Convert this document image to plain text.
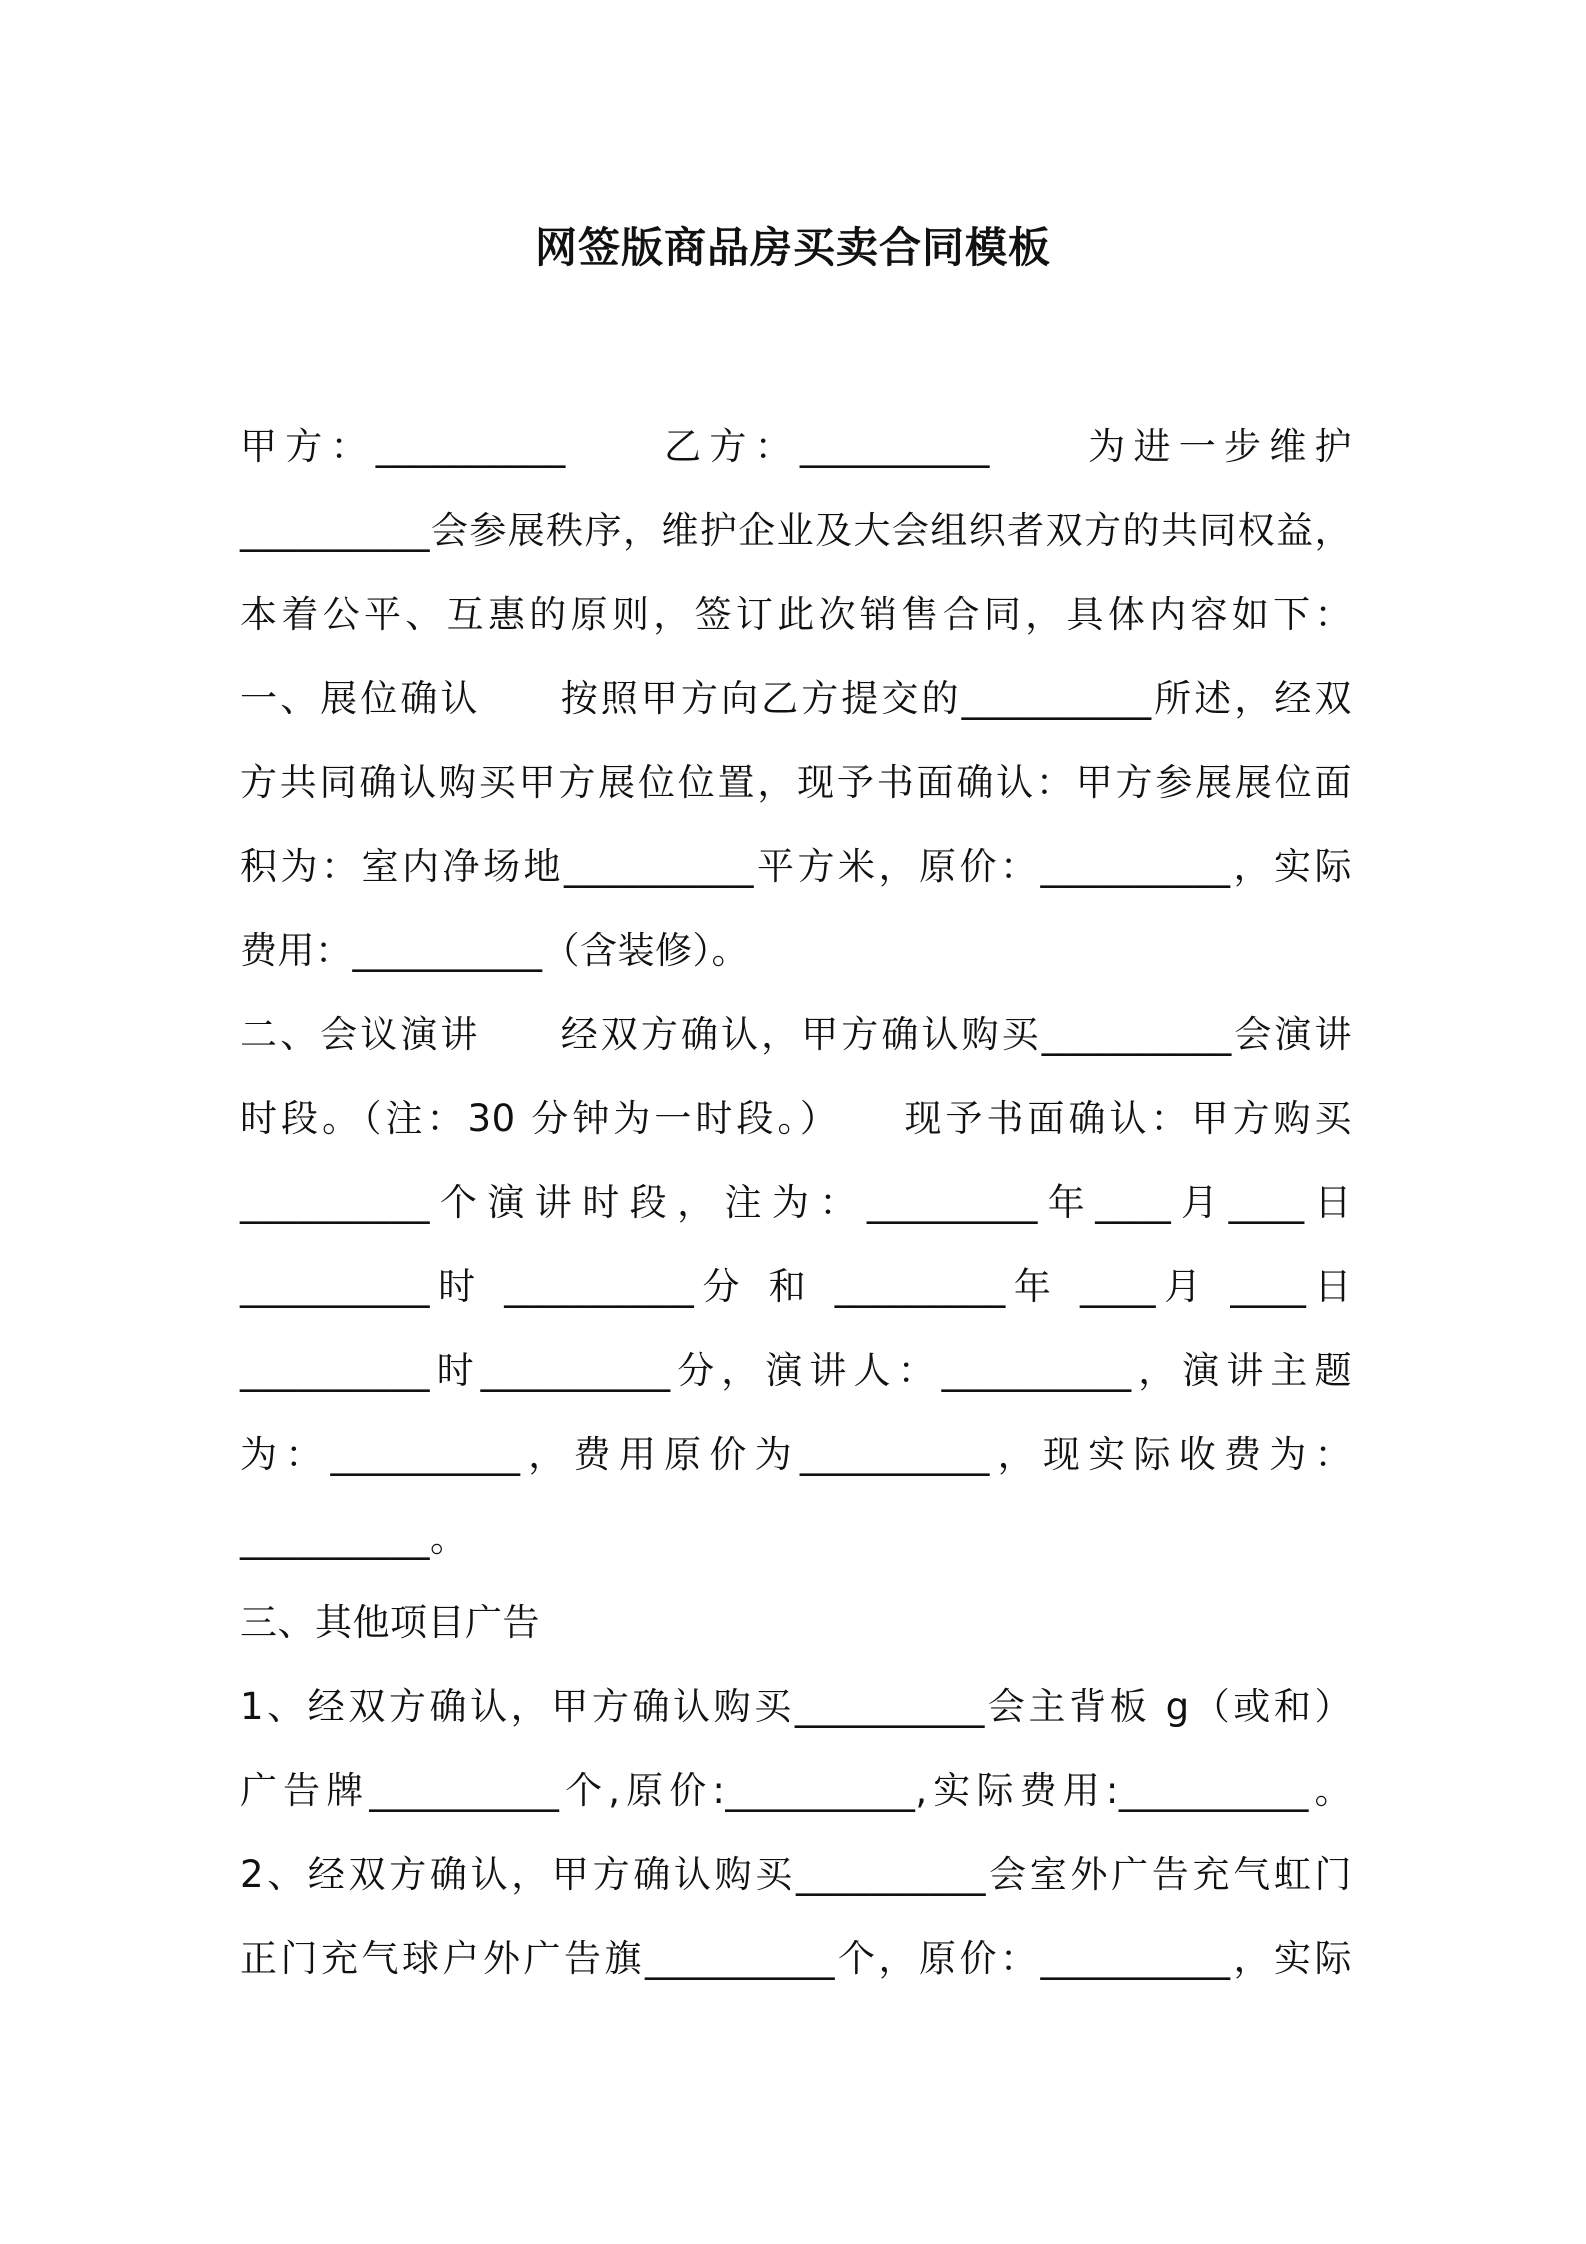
网签版商品房买卖合同模板
甲方：__________　　乙方：__________　　为进一步维护
__________会参展秩序，维护企业及大会组织者双方的共同权益，
本着公平、互惠的原则，签订此次销售合同，具体内容如下：
一、展位确认　　按照甲方向乙方提交的__________所述，经双
方共同确认购买甲方展位位置，现予书面确认：甲方参展展位面
积为：室内净场地__________平方米，原价：__________，实际
费用：__________（含装修）。
二、会议演讲　　经双方确认，甲方确认购买__________会演讲
时段。（注：30 分钟为一时段。）　　现予书面确认：甲方购买
__________个演讲时段，注为：_________年____月____日
__________时 __________分 和 _________年 ____月 ____日
__________时__________分，演讲人：__________，演讲主题
为：__________，费用原价为__________，现实际收费为：
__________。
三、其他项目广告
1、经双方确认，甲方确认购买__________会主背板 g（或和）
广告牌__________个,原价:__________,实际费用:__________。
2、经双方确认，甲方确认购买__________会室外广告充气虹门
正门充气球户外广告旗__________个，原价：__________，实际
